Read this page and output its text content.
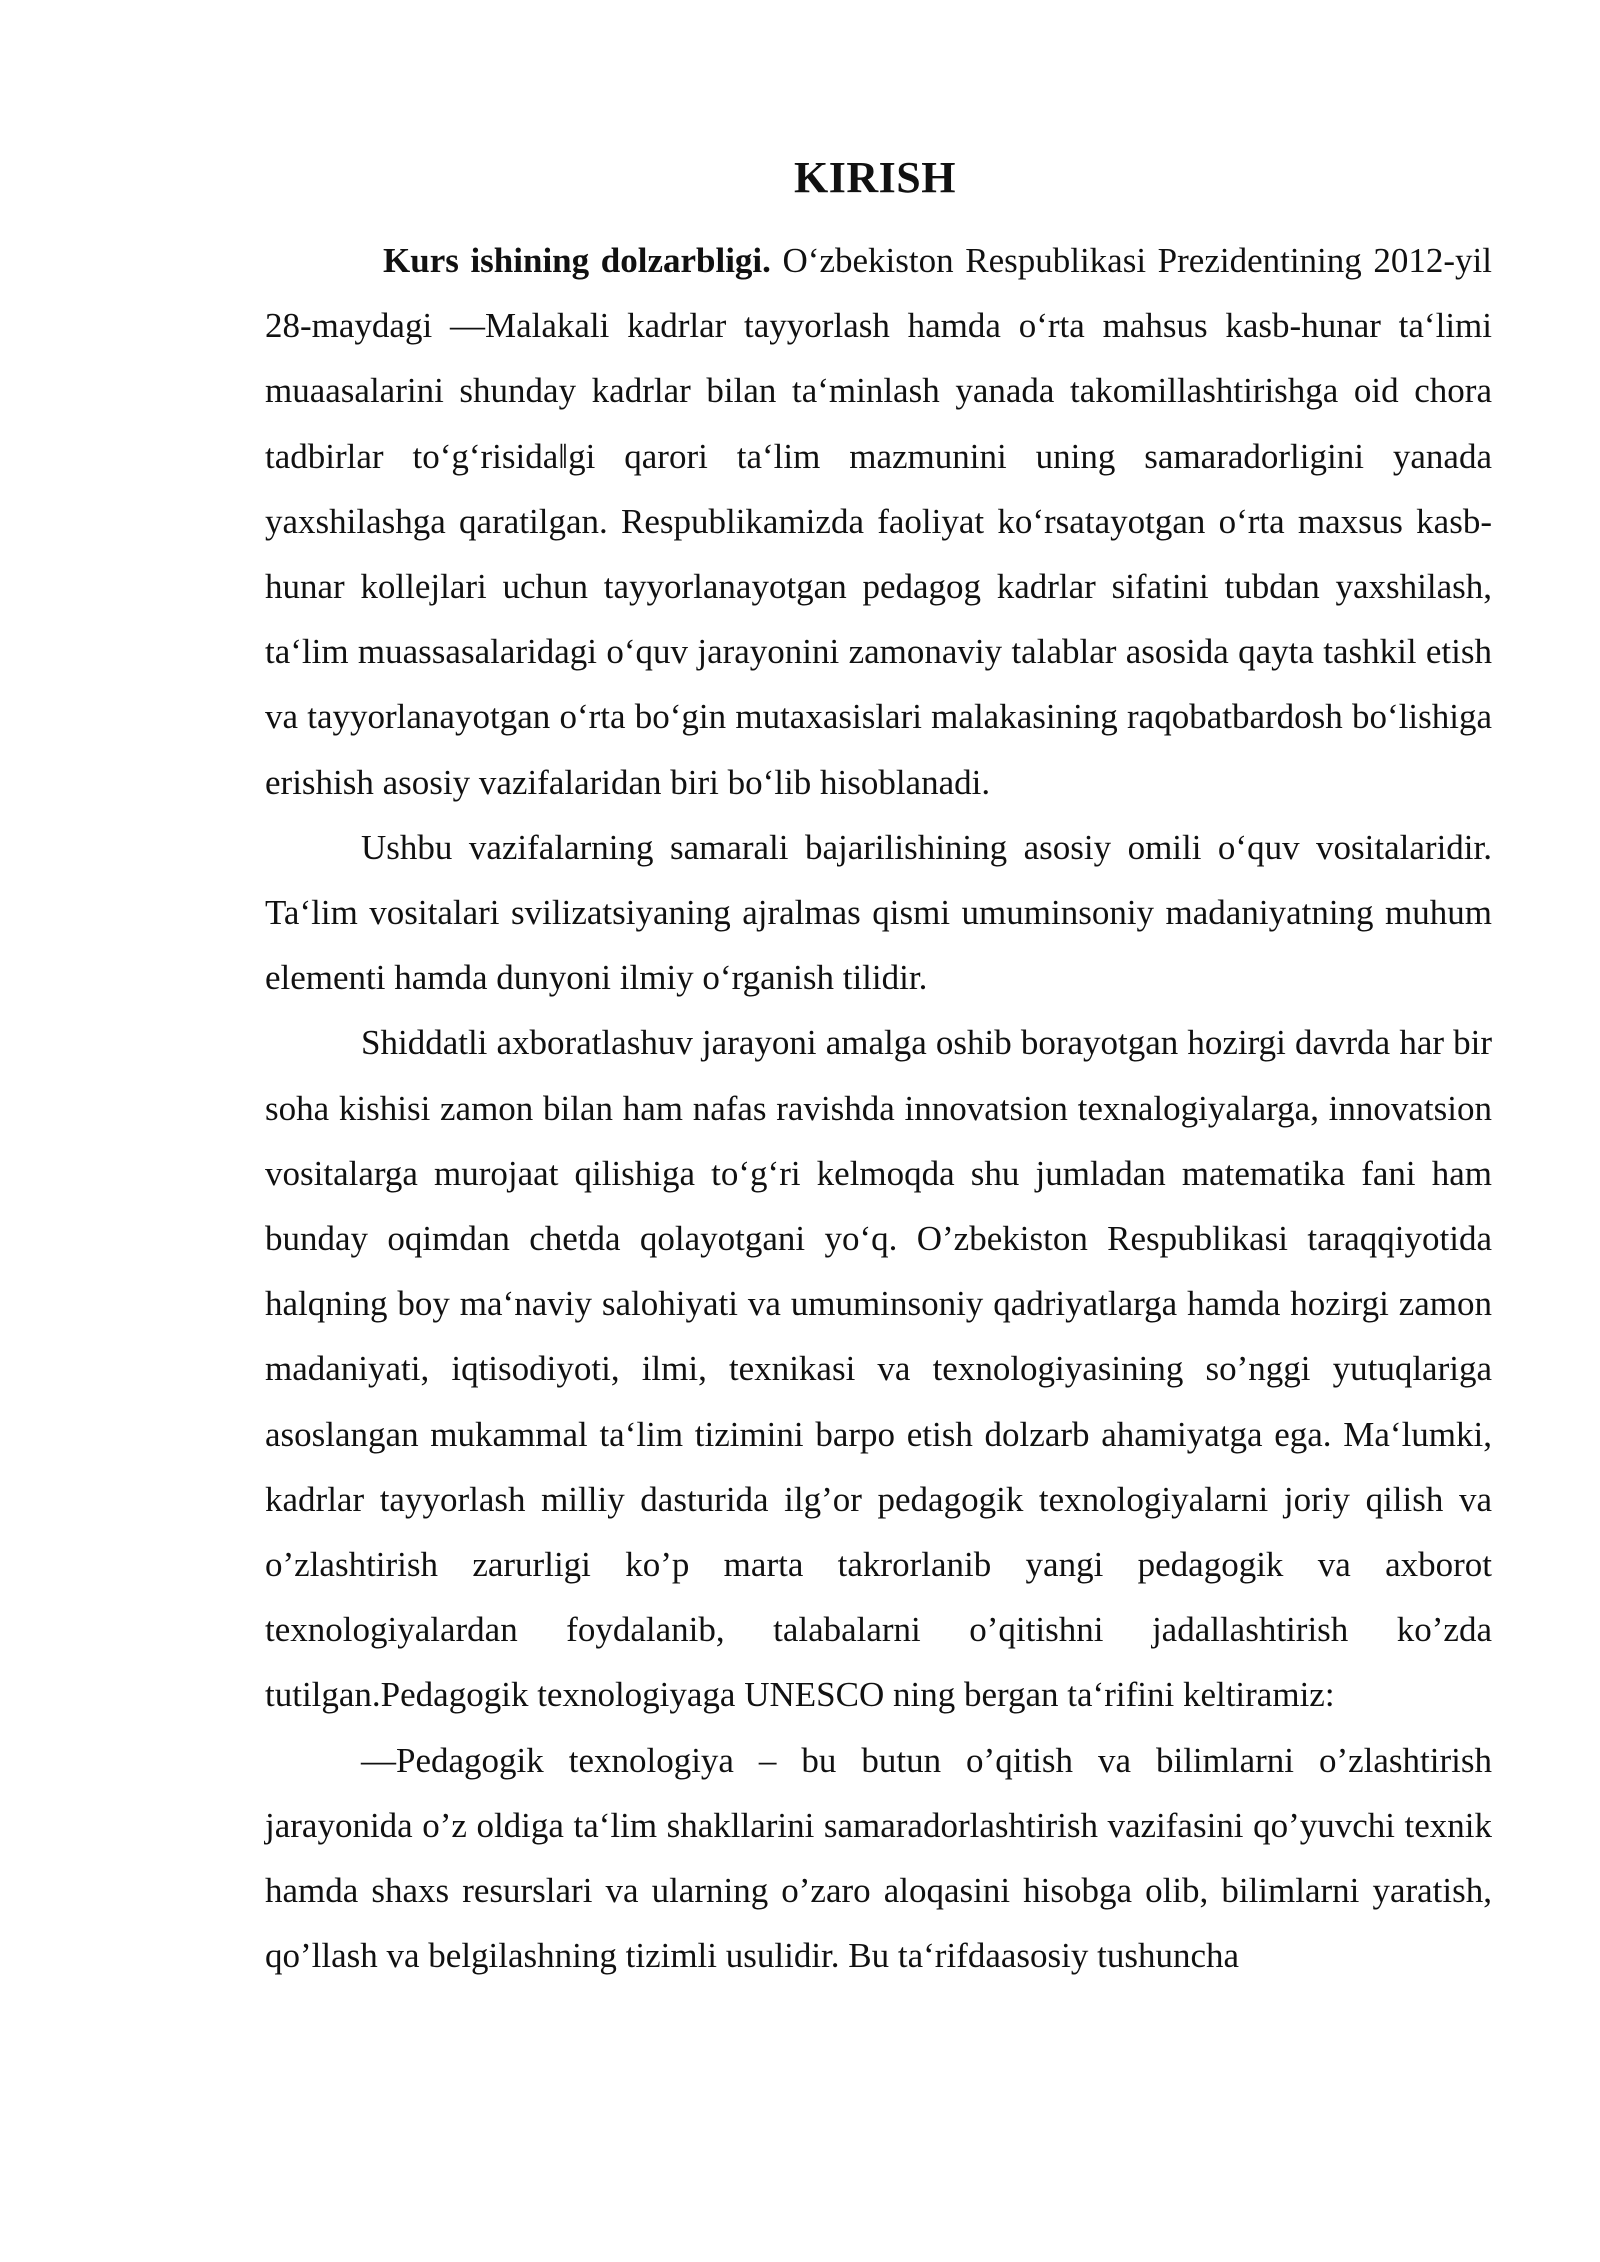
KIRISH

Kurs ishining dolzarbligi. O‘zbekiston Respublikasi Prezidentining 2012-yil 28-maydagi ―Malakali kadrlar tayyorlash hamda o‘rta mahsus kasb-hunar ta‘limi muaasalarini shunday kadrlar bilan ta‘minlash yanada takomillashtirishga oid chora tadbirlar to‘g‘risida‖gi qarori ta‘lim mazmunini uning samaradorligini yanada yaxshilashga qaratilgan. Respublikamizda faoliyat ko‘rsatayotgan o‘rta maxsus kasb-hunar kollejlari uchun tayyorlanayotgan pedagog kadrlar sifatini tubdan yaxshilash, ta‘lim muassasalaridagi o‘quv jarayonini zamonaviy talablar asosida qayta tashkil etish va tayyorlanayotgan o‘rta bo‘gin mutaxasislari malakasining raqobatbardosh bo‘lishiga erishish asosiy vazifalaridan biri bo‘lib hisoblanadi.

Ushbu vazifalarning samarali bajarilishining asosiy omili o‘quv vositalaridir. Ta‘lim vositalari svilizatsiyaning ajralmas qismi umuminsoniy madaniyatning muhum elementi hamda dunyoni ilmiy o‘rganish tilidir.

Shiddatli axboratlashuv jarayoni amalga oshib borayotgan hozirgi davrda har bir soha kishisi zamon bilan ham nafas ravishda innovatsion texnalogiyalarga, innovatsion vositalarga murojaat qilishiga to‘g‘ri kelmoqda shu jumladan matematika fani ham bunday oqimdan chetda qolayotgani yo‘q. O’zbekiston Respublikasi taraqqiyotida halqning boy ma‘naviy salohiyati va umuminsoniy qadriyatlarga hamda hozirgi zamon madaniyati, iqtisodiyoti, ilmi, texnikasi va texnologiyasining so’nggi yutuqlariga asoslangan mukammal ta‘lim tizimini barpo etish dolzarb ahamiyatga ega. Ma‘lumki, kadrlar tayyorlash milliy dasturida ilg’or pedagogik texnologiyalarni joriy qilish va o’zlashtirish zarurligi ko’p marta takrorlanib yangi pedagogik va axborot texnologiyalardan foydalanib, talabalarni o’qitishni jadallashtirish ko’zda tutilgan.Pedagogik texnologiyaga UNESCO ning bergan ta‘rifini keltiramiz:

―Pedagogik texnologiya – bu butun o’qitish va bilimlarni o’zlashtirish jarayonida o’z oldiga ta‘lim shakllarini samaradorlashtirish vazifasini qo’yuvchi texnik hamda shaxs resurslari va ularning o’zaro aloqasini hisobga olib, bilimlarni yaratish, qo’llash va belgilashning tizimli usulidir. Bu ta‘rifdaasosiy tushuncha
